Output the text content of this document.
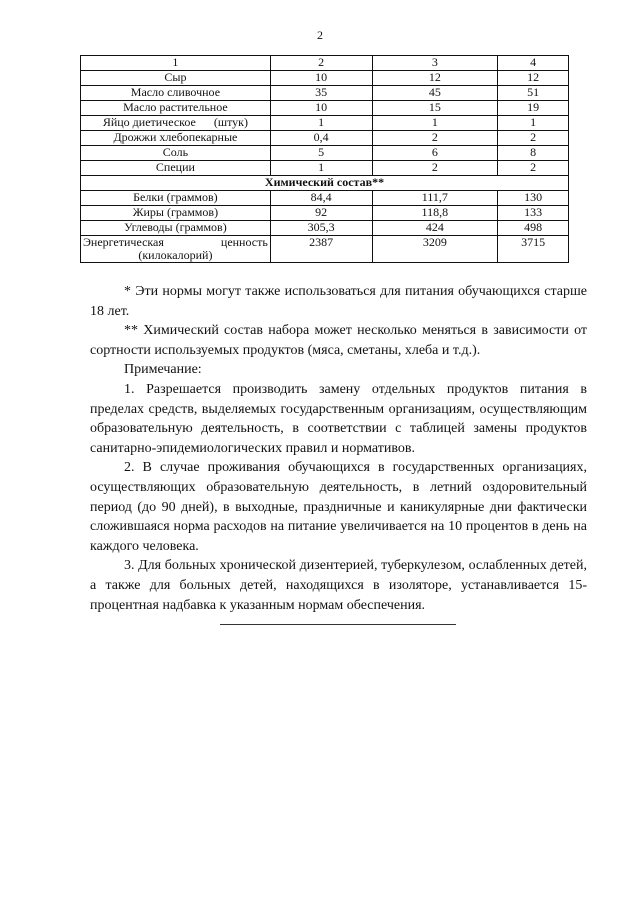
2
1	2	3	4
Сыр	10	12	12
Масло сливочное	35	45	51
Масло растительное	10	15	19
Яйцо диетическое      (штук)	1	1	1
Дрожжи хлебопекарные	0,4	2	2
Соль	5	6	8
Специи	1	2	2
Химический состав**			
Белки (граммов)	84,4	111,7	130
Жиры (граммов)	92	118,8	133
Углеводы (граммов)	305,3	424	498

Энергетическая ценность
(килокалорий)	2387	3209	3715

* Эти нормы могут также использоваться для питания обучающихся старше 18 лет.

** Химический состав набора может несколько меняться в зависимости от сортности используемых продуктов (мяса, сметаны, хлеба и т.д.).

Примечание:

1. Разрешается производить замену отдельных продуктов питания в пределах средств, выделяемых государственным организациям, осуществляющим образовательную деятельность, в соответствии с таблицей замены продуктов санитарно-эпидемиологических правил и нормативов.

2. В случае проживания обучающихся в государственных организациях, осуществляющих образовательную деятельность, в летний оздоровительный период (до 90 дней), в выходные, праздничные и каникулярные дни фактически сложившаяся норма расходов на питание увеличивается на 10 процентов в день на каждого человека.

3. Для больных хронической дизентерией, туберкулезом, ослабленных детей, а также для больных детей, находящихся в изоляторе, устанавливается 15-процентная надбавка к указанным нормам обеспечения.
